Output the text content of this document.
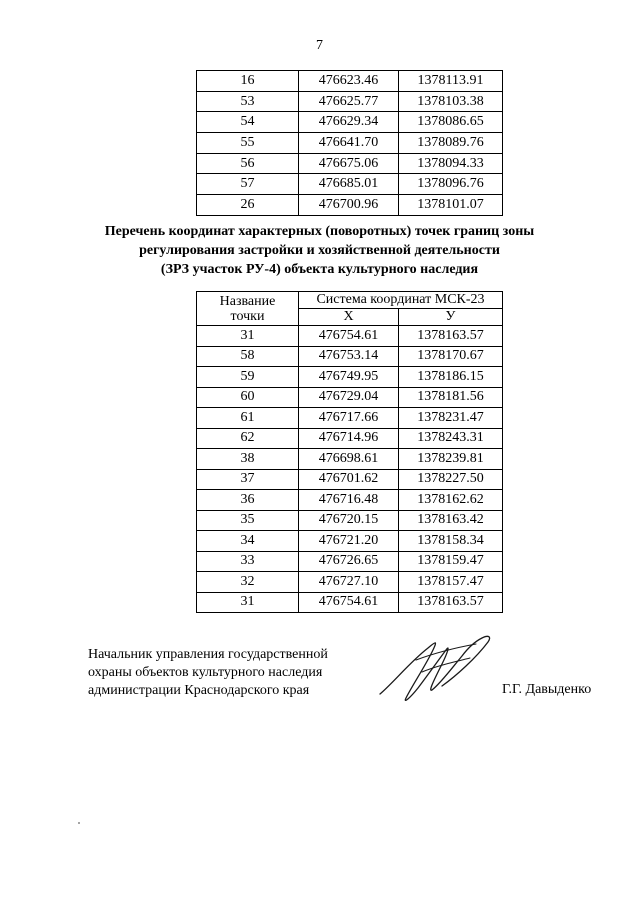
7
16	476623.46	1378113.91
53	476625.77	1378103.38
54	476629.34	1378086.65
55	476641.70	1378089.76
56	476675.06	1378094.33
57	476685.01	1378096.76
26	476700.96	1378101.07
Перечень координат характерных (поворотных) точек границ зоны
регулирования застройки и хозяйственной деятельности
(ЗРЗ участок РУ-4) объекта культурного наследия
Название
точки	Система координат МСК-23	
	Х	У
31	476754.61	1378163.57
58	476753.14	1378170.67
59	476749.95	1378186.15
60	476729.04	1378181.56
61	476717.66	1378231.47
62	476714.96	1378243.31
38	476698.61	1378239.81
37	476701.62	1378227.50
36	476716.48	1378162.62
35	476720.15	1378163.42
34	476721.20	1378158.34
33	476726.65	1378159.47
32	476727.10	1378157.47
31	476754.61	1378163.57
Начальник управления государственной
охраны объектов культурного наследия
администрации Краснодарского края	Г.Г. Давыденко
